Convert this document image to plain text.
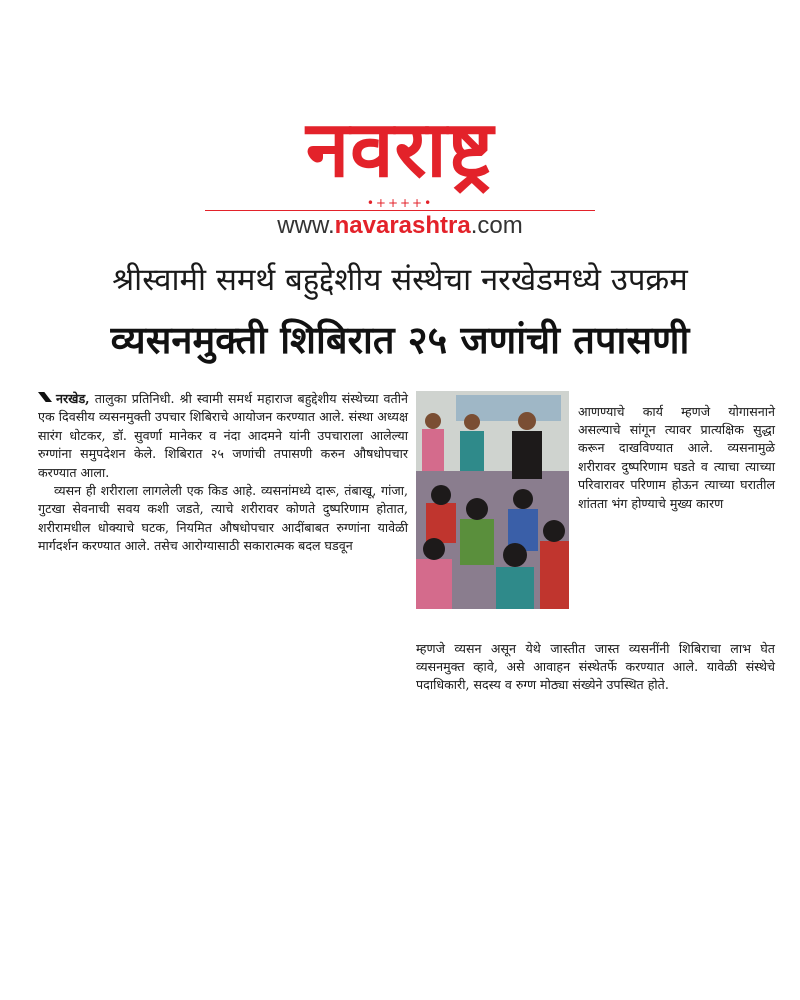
नवराष्ट्र
•++++•
www.navarashtra.com
श्रीस्वामी समर्थ बहुद्देशीय संस्थेचा नरखेडमध्ये उपक्रम
व्यसनमुक्ती शिबिरात २५ जणांची तपासणी

नरखेड, तालुका प्रतिनिधी. श्री स्वामी समर्थ महाराज बहुद्देशीय संस्थेच्या वतीने एक दिवसीय व्यसनमुक्ती उपचार शिबिराचे आयोजन करण्यात आले. संस्था अध्यक्ष सारंग धोटकर, डॉ. सुवर्णा मानेकर व नंदा आदमने यांनी उपचाराला आलेल्या रुग्णांना समुपदेशन केले. शिबिरात २५ जणांची तपासणी करुन औषधोपचार करण्यात आला.

व्यसन ही शरीराला लागलेली एक किड आहे. व्यसनांमध्ये दारू, तंबाखू, गांजा, गुटखा सेवनाची सवय कशी जडते, त्याचे शरीरावर कोणते दुष्परिणाम होतात, शरीरामधील धोक्याचे घटक, नियमित औषधोपचार आदींबाबत रुग्णांना यावेळी मार्गदर्शन करण्यात आले. तसेच आरोग्यासाठी सकारात्मक बदल घडवून

आणण्याचे कार्य म्हणजे योगासनाने असल्याचे सांगून त्यावर प्रात्यक्षिक सुद्धा करून दाखविण्यात आले. व्यसनामुळे शरीरावर दुष्परिणाम घडते व त्याचा त्याच्या परिवारावर परिणाम होऊन त्याच्या घरातील शांतता भंग होण्याचे मुख्य कारण

म्हणजे व्यसन असून येथे जास्तीत जास्त व्यसनींनी शिबिराचा लाभ घेत व्यसनमुक्त व्हावे, असे आवाहन संस्थेतर्फे करण्यात आले. यावेळी संस्थेचे पदाधिकारी, सदस्य व रुग्ण मोठ्या संख्येने उपस्थित होते.
